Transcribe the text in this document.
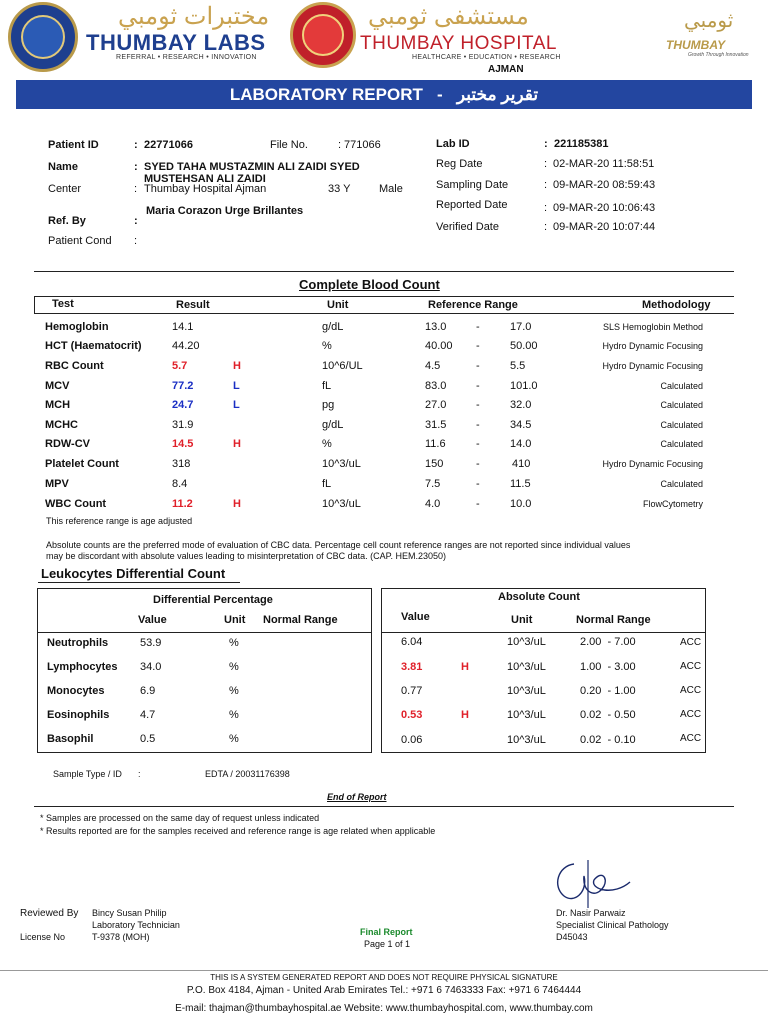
مختبرات ثومبي
THUMBAY LABS
REFERRAL • RESEARCH • INNOVATION
مستشفى ثومبي
THUMBAY HOSPITAL
HEALTHCARE • EDUCATION • RESEARCH
AJMAN
ثومبي
THUMBAY
Growth Through Innovation
LABORATORY REPORT - تقرير مختبر
Patient ID	: 22771066	File No.	: 771066
Name	: SYED TAHA MUSTAZMIN ALI ZAIDI SYED
MUSTEHSAN ALI ZAIDI
Center	: Thumbay Hospital Ajman	33 Y	Male
Maria Corazon Urge Brillantes
Ref. By	:
Patient Cond :
Lab ID	: 221185381
Reg Date	: 02-MAR-20 11:58:51
Sampling Date	: 09-MAR-20 08:59:43
Reported Date	: 09-MAR-20 10:06:43
Verified Date	: 09-MAR-20 10:07:44
Complete Blood Count
Test	Result	Unit	Reference Range	Methodology
Hemoglobin	14.1	g/dL	13.0	-	17.0	SLS Hemoglobin Method
HCT (Haematocrit)	44.20	%	40.00 -	50.00	Hydro Dynamic Focusing
RBC Count	5.7	H	10^6/UL	4.5	-	5.5	Hydro Dynamic Focusing
MCV	77.2	L	fL	83.0	-	101.0	Calculated
MCH	24.7	L	pg	27.0	-	32.0	Calculated
MCHC	31.9	g/dL	31.5	-	34.5	Calculated
RDW-CV	14.5	H	%	11.6	-	14.0	Calculated
Platelet Count	318	10^3/uL	150	-	410	Hydro Dynamic Focusing
MPV	8.4	fL	7.5	-	11.5	Calculated
WBC Count	11.2	H	10^3/uL	4.0	-	10.0	FlowCytometry
This reference range is age adjusted
Absolute counts are the preferred mode of evaluation of CBC data. Percentage cell count reference ranges are not reported since individual values
may be discordant with absolute values leading to misinterpretation of CBC data. (CAP. HEM.23050)
Leukocytes Differential Count
Differential Percentage
Value	Unit Normal Range
Absolute Count
Value	Unit	Normal Range
Neutrophils	53.9	%	6.04	10^3/uL	2.00  - 7.00	ACC
Lymphocytes 34.0	%	3.81	H	10^3/uL	1.00  - 3.00	ACC
Monocytes	6.9	%	0.77	10^3/uL	0.20  - 1.00	ACC
Eosinophils	4.7	%	0.53	H	10^3/uL	0.02  - 0.50	ACC
Basophil	0.5	%	0.06	10^3/uL	0.02  - 0.10	ACC
Sample Type / ID :	EDTA / 20031176398
End of Report
* Samples are processed on the same day of request unless indicated
* Results reported are for the samples received and reference range is age related when applicable
Reviewed By Bincy Susan Philip
Laboratory Technician
License No	T-9378 (MOH)	Final Report
Page 1 of 1
Dr. Nasir Parwaiz
Specialist Clinical Pathology
D45043
THIS IS A SYSTEM GENERATED REPORT AND DOES NOT REQUIRE PHYSICAL SIGNATURE
P.O. Box 4184, Ajman - United Arab Emirates Tel.: +971 6 7463333 Fax: +971 6 7464444
E-mail: thajman@thumbayhospital.ae Website: www.thumbayhospital.com, www.thumbay.com
